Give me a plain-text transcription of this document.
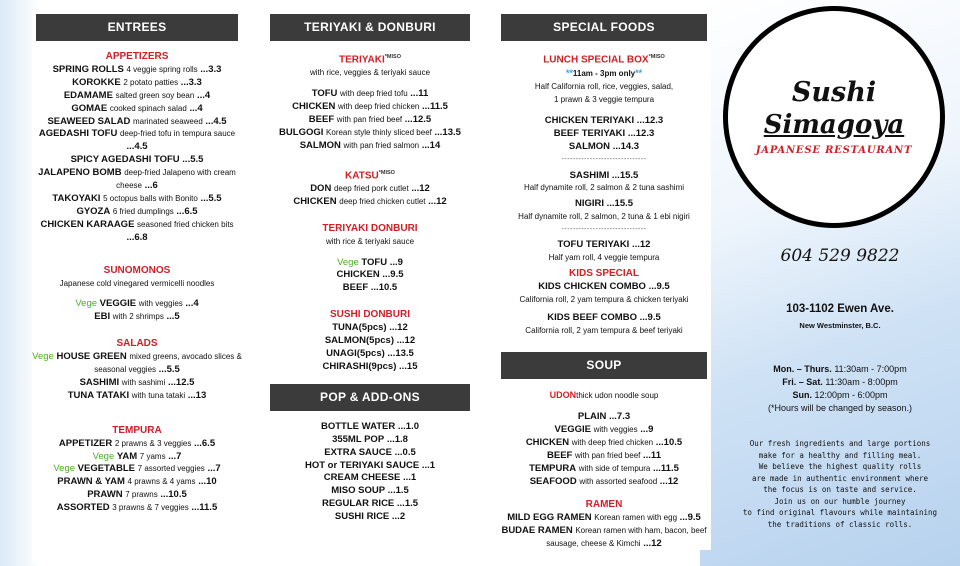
ENTREES
APPETIZERS
SPRING ROLLS 4 veggie spring rolls ...3.3
KOROKKE 2 potato patties ...3.3
EDAMAME salted green soy bean ...4
GOMAE cooked spinach salad ...4
SEAWEED SALAD marinated seaweed ...4.5
AGEDASHI TOFU deep-fried tofu in tempura sauce ...4.5
SPICY AGEDASHI TOFU ...5.5
JALAPENO BOMB deep-fried Jalapeno with cream cheese ...6
TAKOYAKI 5 octopus balls with Bonito ...5.5
GYOZA 6 fried dumplings ...6.5
CHICKEN KARAAGE seasoned fried chicken bits ...6.8
SUNOMONOS
Japanese cold vinegared vermicelli noodles
Vege VEGGIE with veggies ...4
EBI with 2 shrimps ...5
SALADS
Vege HOUSE GREEN mixed greens, avocado slices & seasonal veggies ...5.5
SASHIMI with sashimi ...12.5
TUNA TATAKI with tuna tataki ...13
TEMPURA
APPETIZER 2 prawns & 3 veggies ...6.5
Vege YAM 7 yams ...7
Vege VEGETABLE 7 assorted veggies ...7
PRAWN & YAM 4 prawns & 4 yams ...10
PRAWN 7 prawns ...10.5
ASSORTED 3 prawns & 7 veggies ...11.5
TERIYAKI & DONBURI
$TERIYAKI^{*MISO}$
with rice, veggies & teriyaki sauce
TOFU with deep fried tofu ...11
CHICKEN with deep fried chicken ...11.5
BEEF with pan fried beef ...12.5
BULGOGI Korean style thinly sliced beef ...13.5
SALMON with pan fried salmon ...14
$KATSU^{*MISO}$
DON deep fried pork cutlet ...12
CHICKEN deep fried chicken cutlet ...12
TERIYAKI DONBURI
with rice & teriyaki sauce
Vege TOFU ...9
CHICKEN ...9.5
BEEF ...10.5
SUSHI DONBURI
TUNA(5pcs) ...12
SALMON(5pcs) ...12
UNAGI(5pcs) ...13.5
CHIRASHI(9pcs) ...15
POP & ADD-ONS
BOTTLE WATER ...1.0
355ML POP ...1.8
EXTRA SAUCE ...0.5
HOT or TERIYAKI SAUCE ...1
CREAM CHEESE ...1
MISO SOUP ...1.5
REGULAR RICE ...1.5
SUSHI RICE ...2
SPECIAL FOODS
LUNCH SPECIAL $BOX^{*MISO}$
**11am - 3pm only**
Half California roll, rice, veggies, salad,
1 prawn & 3 veggie tempura
CHICKEN TERIYAKI ...12.3
BEEF TERIYAKI ...12.3
SALMON ...14.3
------------------------------
SASHIMI ...15.5
Half dynamite roll, 2 salmon & 2 tuna sashimi
NIGIRI ...15.5
Half dynamite roll, 2 salmon, 2 tuna & 1 ebi nigiri
------------------------------
TOFU TERIYAKI ...12
Half yam roll, 4 veggie tempura
KIDS SPECIAL
KIDS CHICKEN COMBO ...9.5
California roll, 2 yam tempura & chicken teriyaki
KIDS BEEF COMBO ...9.5
California roll, 2 yam tempura & beef teriyaki
SOUP
UDONthick udon noodle soup
PLAIN ...7.3
VEGGIE with veggies ...9
CHICKEN with deep fried chicken ...10.5
BEEF with pan fried beef ...11
TEMPURA with side of tempura ...11.5
SEAFOOD with assorted seafood ...12
RAMEN
MILD EGG RAMEN Korean ramen with egg ...9.5
BUDAE RAMEN Korean ramen with ham, bacon, beef sausage, cheese & Kimchi ...12
Sushi
Simagoya
JAPANESE RESTAURANT
604 529 9822
103-1102 Ewen Ave.
New Westminster, B.C.
Mon. – Thurs. 11:30am - 7:00pm
Fri. – Sat. 11:30am - 8:00pm
Sun. 12:00pm - 6:00pm
(*Hours will be changed by season.)
Our fresh ingredients and large portions
make for a healthy and filling meal.
We believe the highest quality rolls
are made in authentic environment where
the focus is on taste and service.
Join us on our humble journey
to find original flavours while maintaining
the traditions of classic rolls.
